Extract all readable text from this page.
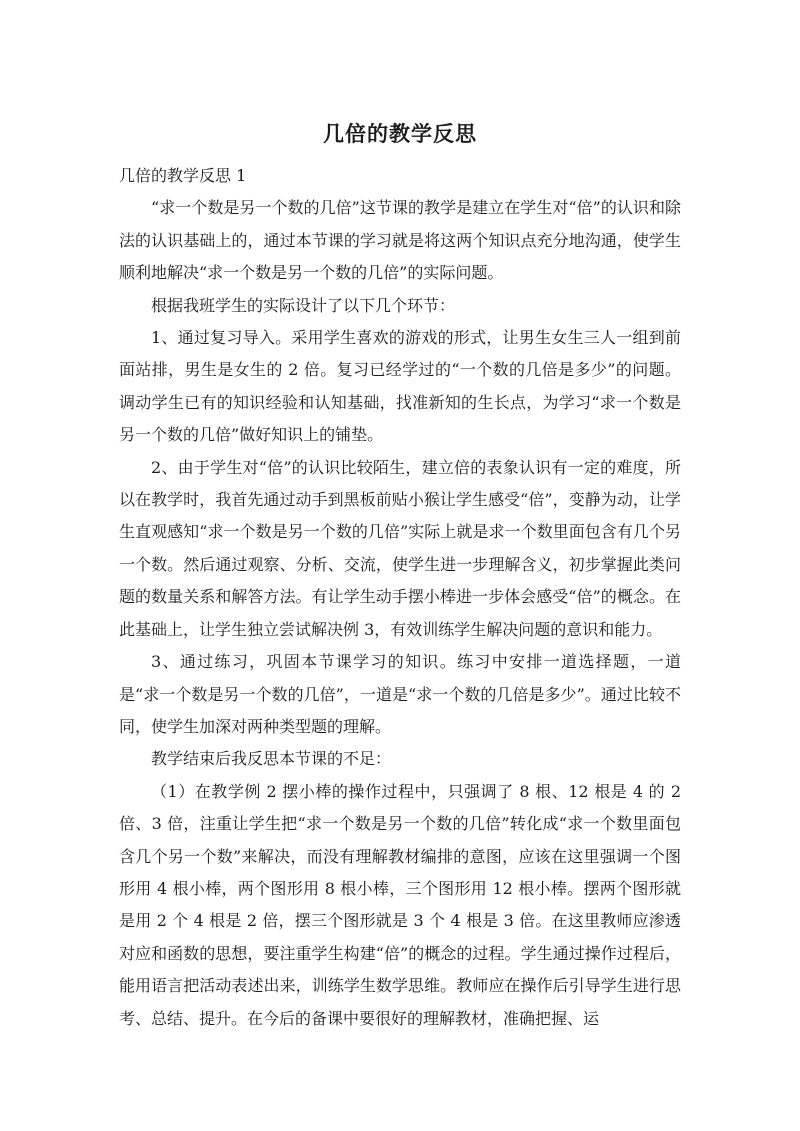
几倍的教学反思

几倍的教学反思 1

“求一个数是另一个数的几倍”这节课的教学是建立在学生对“倍”的认识和除法的认识基础上的，通过本节课的学习就是将这两个知识点充分地沟通，使学生顺利地解决“求一个数是另一个数的几倍”的实际问题。

根据我班学生的实际设计了以下几个环节：

1、通过复习导入。采用学生喜欢的游戏的形式，让男生女生三人一组到前面站排，男生是女生的 2 倍。复习已经学过的“一个数的几倍是多少”的问题。调动学生已有的知识经验和认知基础，找准新知的生长点，为学习“求一个数是另一个数的几倍”做好知识上的铺垫。

2、由于学生对“倍”的认识比较陌生，建立倍的表象认识有一定的难度，所以在教学时，我首先通过动手到黑板前贴小猴让学生感受“倍”，变静为动，让学生直观感知“求一个数是另一个数的几倍”实际上就是求一个数里面包含有几个另一个数。然后通过观察、分析、交流，使学生进一步理解含义，初步掌握此类问题的数量关系和解答方法。有让学生动手摆小棒进一步体会感受“倍”的概念。在此基础上，让学生独立尝试解决例 3，有效训练学生解决问题的意识和能力。

3、通过练习，巩固本节课学习的知识。练习中安排一道选择题，一道是“求一个数是另一个数的几倍”，一道是“求一个数的几倍是多少”。通过比较不同，使学生加深对两种类型题的理解。

教学结束后我反思本节课的不足：

（1）在教学例 2 摆小棒的操作过程中，只强调了 8 根、12 根是 4 的 2 倍、3 倍，注重让学生把“求一个数是另一个数的几倍”转化成“求一个数里面包含几个另一个数”来解决，而没有理解教材编排的意图，应该在这里强调一个图形用 4 根小棒，两个图形用 8 根小棒，三个图形用 12 根小棒。摆两个图形就是用 2 个 4 根是 2 倍，摆三个图形就是 3 个 4 根是 3 倍。在这里教师应渗透对应和函数的思想，要注重学生构建“倍”的概念的过程。学生通过操作过程后，能用语言把活动表述出来，训练学生数学思维。教师应在操作后引导学生进行思考、总结、提升。在今后的备课中要很好的理解教材，准确把握、运
